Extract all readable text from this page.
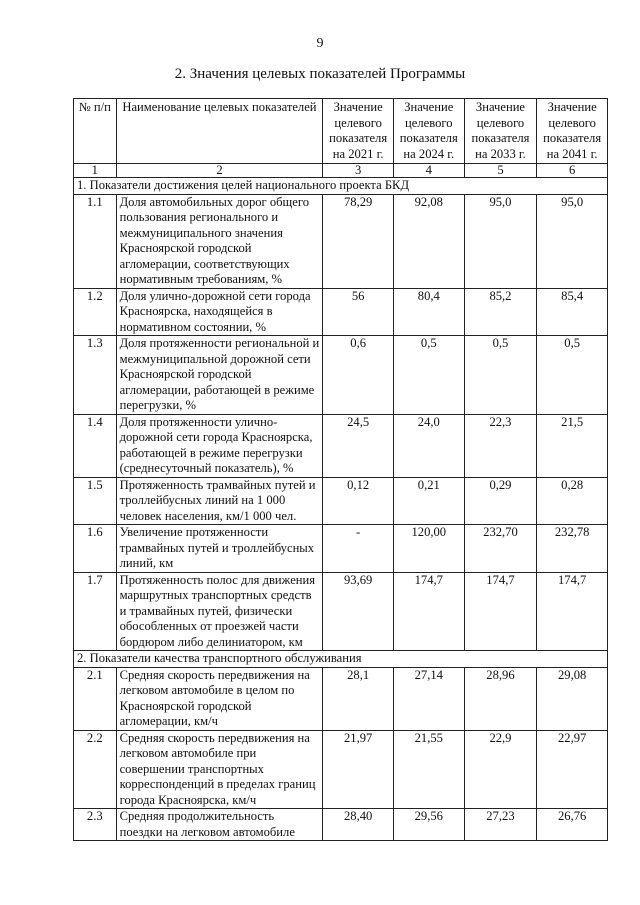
9
2. Значения целевых показателей Программы
№ п/п	Наименование целевых показателей	Значение целевого показателя на 2021 г.	Значение целевого показателя на 2024 г.	Значение целевого показателя на 2033 г.	Значение целевого показателя на 2041 г.
1	2	3	4	5	6
1. Показатели достижения целей национального проекта БКД					
1.1	Доля автомобильных дорог общего пользования регионального и межмуниципального значения Красноярской городской агломерации, соответствующих нормативным требованиям, %	78,29	92,08	95,0	95,0
1.2	Доля улично-дорожной сети города Красноярска, находящейся в нормативном состоянии, %	56	80,4	85,2	85,4
1.3	Доля протяженности региональной и межмуниципальной дорожной сети Красноярской городской агломерации, работающей в режиме перегрузки, %	0,6	0,5	0,5	0,5
1.4	Доля протяженности улично-дорожной сети города Красноярска, работающей в режиме перегрузки (среднесуточный показатель), %	24,5	24,0	22,3	21,5
1.5	Протяженность трамвайных путей и троллейбусных линий на 1 000 человек населения, км/1 000 чел.	0,12	0,21	0,29	0,28
1.6	Увеличение протяженности трамвайных путей и троллейбусных линий, км	-	120,00	232,70	232,78
1.7	Протяженность полос для движения маршрутных транспортных средств и трамвайных путей, физически обособленных от проезжей части бордюром либо делиниатором, км	93,69	174,7	174,7	174,7
2. Показатели качества транспортного обслуживания					
2.1	Средняя скорость передвижения на легковом автомобиле в целом по Красноярской городской агломерации, км/ч	28,1	27,14	28,96	29,08
2.2	Средняя скорость передвижения на легковом автомобиле при совершении транспортных корреспонденций в пределах границ города Красноярска, км/ч	21,97	21,55	22,9	22,97
2.3	Средняя продолжительность поездки на легковом автомобиле	28,40	29,56	27,23	26,76
